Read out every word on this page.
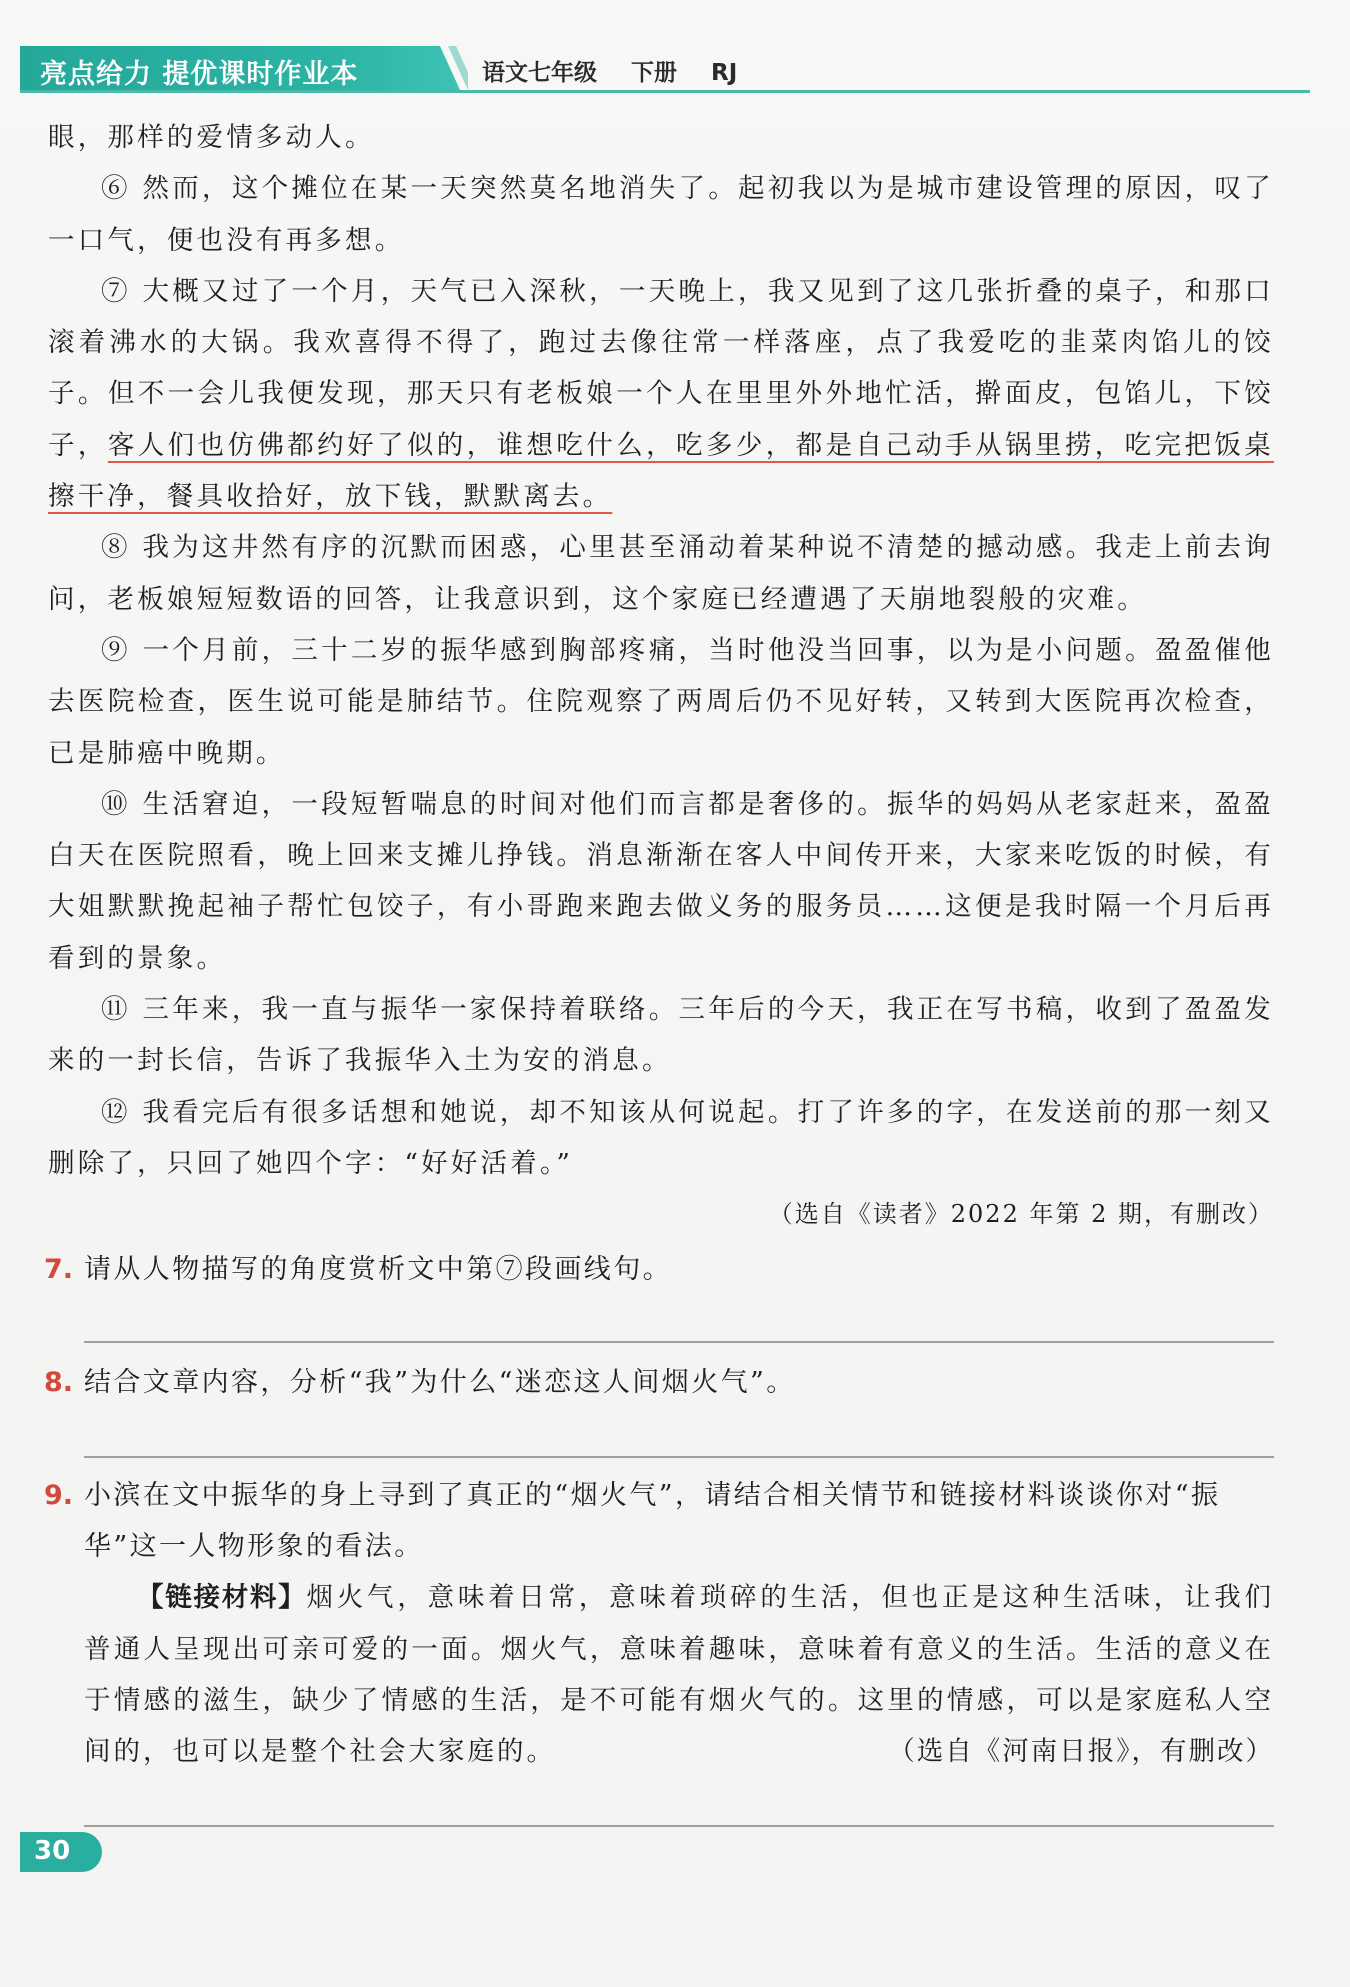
亮点给力 提优课时作业本	语文七年级 下册 RJ

眼，那样的爱情多动人。

⑥ 然而，这个摊位在某一天突然莫名地消失了。起初我以为是城市建设管理的原因，叹了一口气，便也没有再多想。

⑦ 大概又过了一个月，天气已入深秋，一天晚上，我又见到了这几张折叠的桌子，和那口滚着沸水的大锅。我欢喜得不得了，跑过去像往常一样落座，点了我爱吃的韭菜肉馅儿的饺子。但不一会儿我便发现，那天只有老板娘一个人在里里外外地忙活，擀面皮，包馅儿，下饺子，客人们也仿佛都约好了似的，谁想吃什么，吃多少，都是自己动手从锅里捞，吃完把饭桌擦干净，餐具收拾好，放下钱，默默离去。

⑧ 我为这井然有序的沉默而困惑，心里甚至涌动着某种说不清楚的撼动感。我走上前去询问，老板娘短短数语的回答，让我意识到，这个家庭已经遭遇了天崩地裂般的灾难。

⑨ 一个月前，三十二岁的振华感到胸部疼痛，当时他没当回事，以为是小问题。盈盈催他去医院检查，医生说可能是肺结节。住院观察了两周后仍不见好转，又转到大医院再次检查，已是肺癌中晚期。

⑩ 生活窘迫，一段短暂喘息的时间对他们而言都是奢侈的。振华的妈妈从老家赶来，盈盈白天在医院照看，晚上回来支摊儿挣钱。消息渐渐在客人中间传开来，大家来吃饭的时候，有大姐默默挽起袖子帮忙包饺子，有小哥跑来跑去做义务的服务员……这便是我时隔一个月后再看到的景象。

⑪ 三年来，我一直与振华一家保持着联络。三年后的今天，我正在写书稿，收到了盈盈发来的一封长信，告诉了我振华入土为安的消息。

⑫ 我看完后有很多话想和她说，却不知该从何说起。打了许多的字，在发送前的那一刻又删除了，只回了她四个字：“好好活着。”

（选自《读者》2022 年第 2 期，有删改）

7. 请从人物描写的角度赏析文中第⑦段画线句。
8. 结合文章内容，分析“我”为什么“迷恋这人间烟火气”。
9. 小滨在文中振华的身上寻到了真正的“烟火气”，请结合相关情节和链接材料谈谈你对“振华”这一人物形象的看法。

【链接材料】烟火气，意味着日常，意味着琐碎的生活，但也正是这种生活味，让我们普通人呈现出可亲可爱的一面。烟火气，意味着趣味，意味着有意义的生活。生活的意义在于情感的滋生，缺少了情感的生活，是不可能有烟火气的。这里的情感，可以是家庭私人空间的，也可以是整个社会大家庭的。	（选自《河南日报》，有删改）

30
